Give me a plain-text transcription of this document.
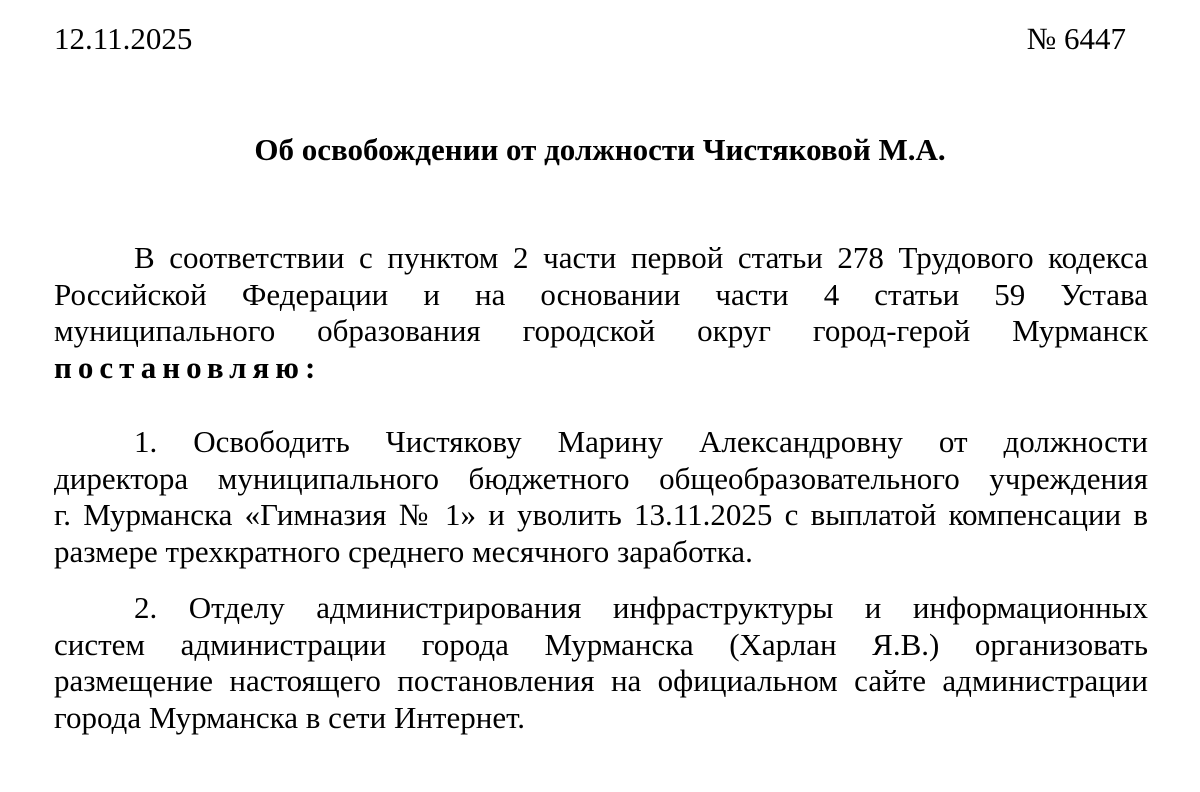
12.11.2025	№ 6447
Об освобождении от должности Чистяковой М.А.
В соответствии с пунктом 2 части первой статьи 278 Трудового кодекса
Российской Федерации и на основании части 4 статьи 59 Устава
муниципального образования городской округ город-герой Мурманск
постановляю:
1. Освободить Чистякову Марину Александровну от должности
директора муниципального бюджетного общеобразовательного учреждения
г. Мурманска «Гимназия № 1» и уволить 13.11.2025 с выплатой компенсации в
размере трехкратного среднего месячного заработка.
2. Отделу администрирования инфраструктуры и информационных
систем администрации города Мурманска (Харлан Я.В.) организовать
размещение настоящего постановления на официальном сайте администрации
города Мурманска в сети Интернет.
